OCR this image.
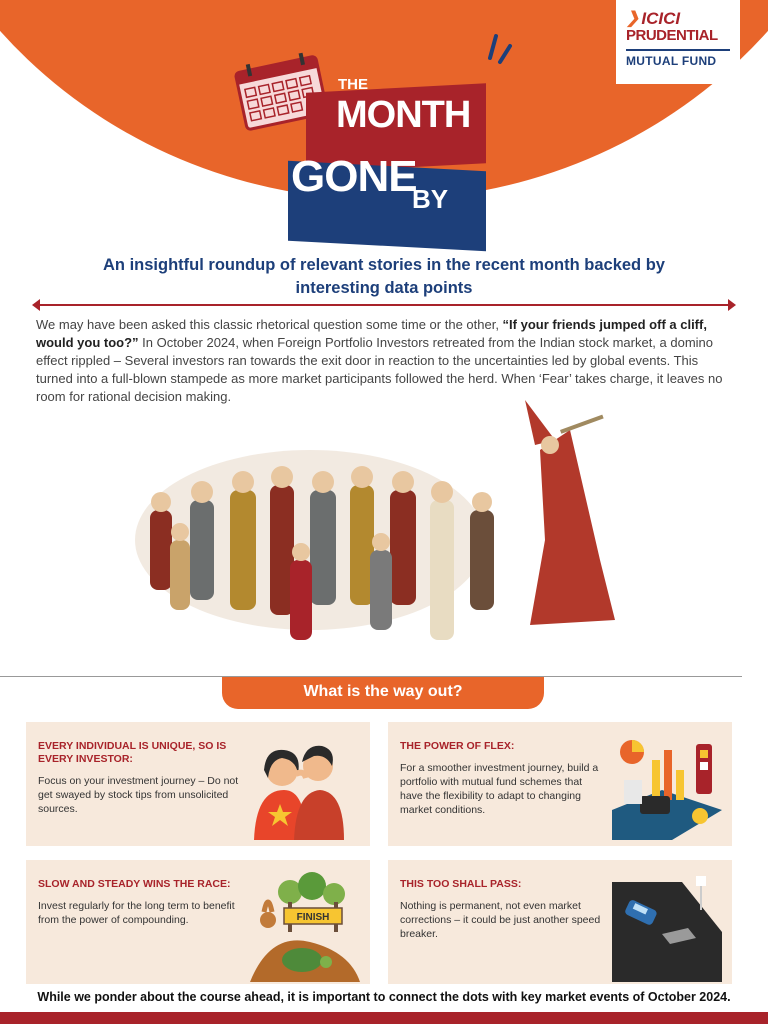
❯ ICICI
PRUDENTIAL
MUTUAL FUND
THE
MONTH
GONE
BY
An insightful roundup of relevant stories in the recent month backed by interesting data points

We may have been asked this classic rhetorical question some time or the other, “If your friends jumped off a cliff, would you too?” In October 2024, when Foreign Portfolio Investors retreated from the Indian stock market, a domino effect rippled – Several investors ran towards the exit door in reaction to the uncertainties led by global events. This turned into a full-blown stampede as more market participants followed the herd. When ‘Fear’ takes charge, it leaves no room for rational decision making.

What is the way out?
EVERY INDIVIDUAL IS UNIQUE, SO IS EVERY INVESTOR:
Focus on your investment journey – Do not get swayed by stock tips from unsolicited sources.
THE POWER OF FLEX:
For a smoother investment journey, build a portfolio with mutual fund schemes that have the flexibility to adapt to changing market conditions.
SLOW AND STEADY WINS THE RACE:
Invest regularly for the long term to benefit from the power of compounding.	FINISH
THIS TOO SHALL PASS:
Nothing is permanent, not even market corrections – it could be just another speed breaker.
While we ponder about the course ahead, it is important to connect the dots with key market events of October 2024.
